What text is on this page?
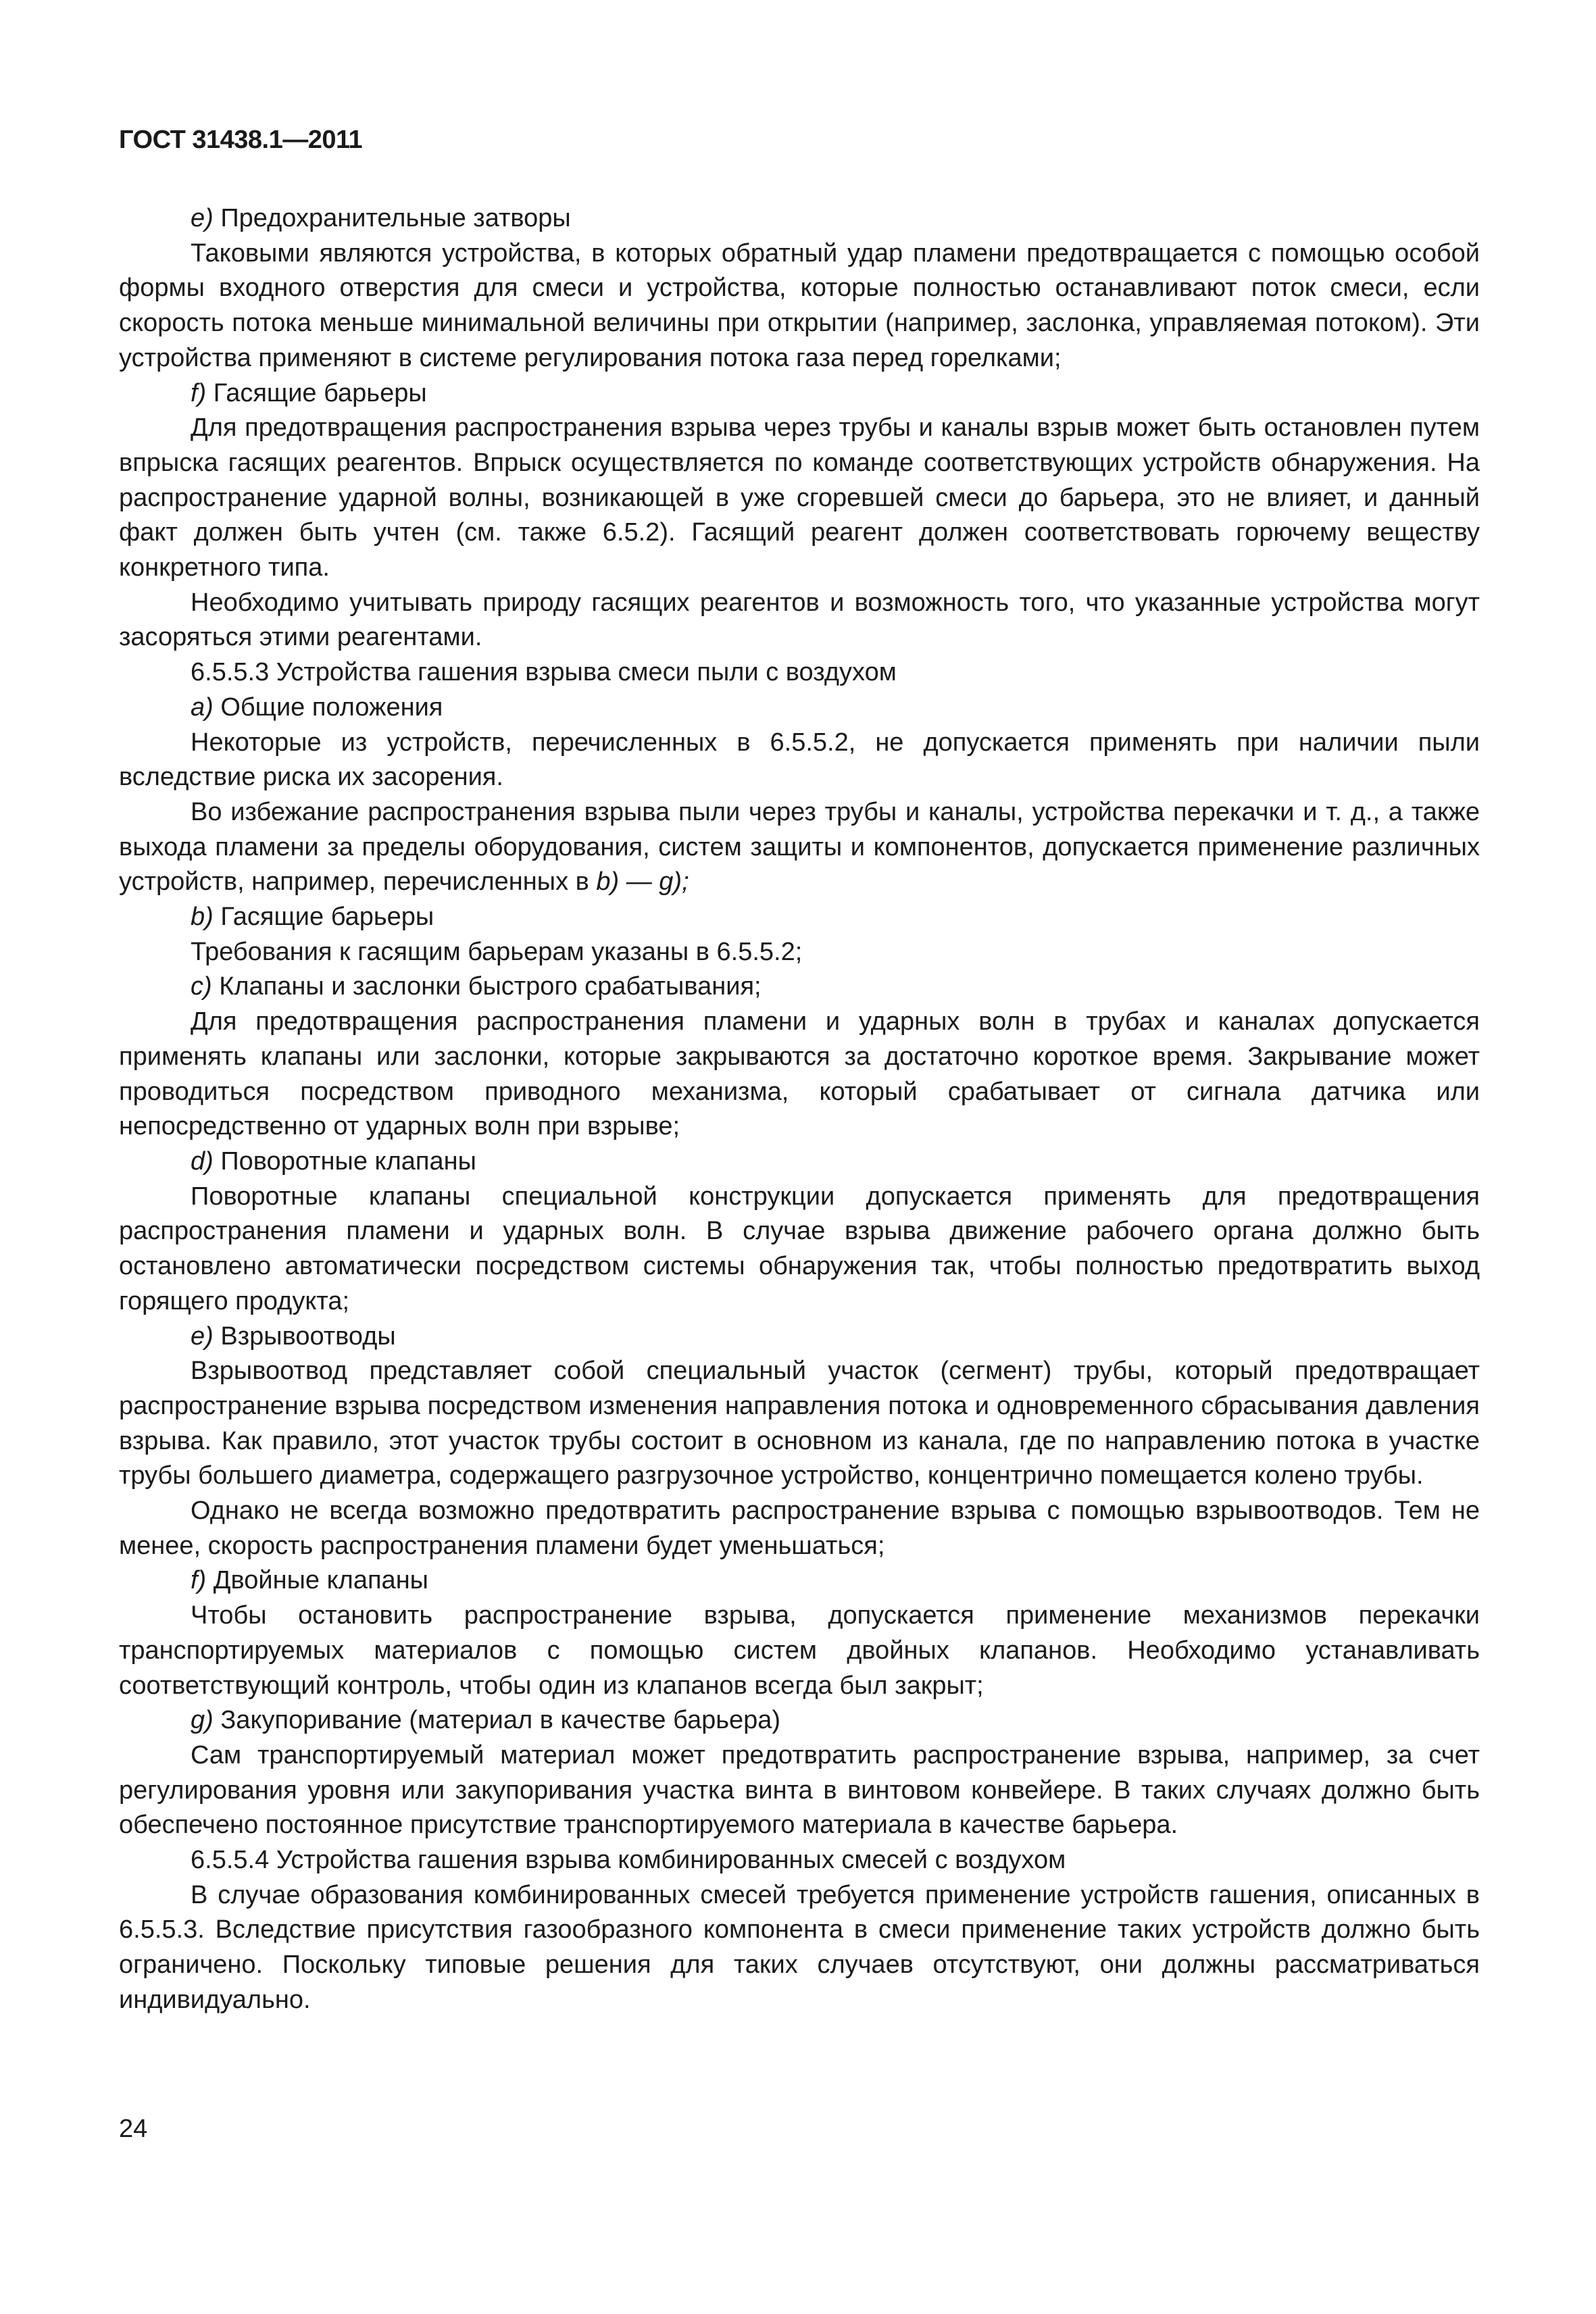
ГОСТ 31438.1—2011

е) Предохранительные затворы

Таковыми являются устройства, в которых обратный удар пламени предотвращается с помощью особой формы входного отверстия для смеси и устройства, которые полностью останавливают поток смеси, если скорость потока меньше минимальной величины при открытии (например, заслонка, управляемая потоком). Эти устройства применяют в системе регулирования потока газа перед горелками;

f) Гасящие барьеры

Для предотвращения распространения взрыва через трубы и каналы взрыв может быть остановлен путем впрыска гасящих реагентов. Впрыск осуществляется по команде соответствующих устройств обнаружения. На распространение ударной волны, возникающей в уже сгоревшей смеси до барьера, это не влияет, и данный факт должен быть учтен (см. также 6.5.2). Гасящий реагент должен соответствовать горючему веществу конкретного типа.

Необходимо учитывать природу гасящих реагентов и возможность того, что указанные устройства могут засоряться этими реагентами.

6.5.5.3 Устройства гашения взрыва смеси пыли с воздухом

а) Общие положения

Некоторые из устройств, перечисленных в 6.5.5.2, не допускается применять при наличии пыли вследствие риска их засорения.

Во избежание распространения взрыва пыли через трубы и каналы, устройства перекачки и т. д., а также выхода пламени за пределы оборудования, систем защиты и компонентов, допускается применение различных устройств, например, перечисленных в b) — g);

b) Гасящие барьеры

Требования к гасящим барьерам указаны в 6.5.5.2;

с) Клапаны и заслонки быстрого срабатывания;

Для предотвращения распространения пламени и ударных волн в трубах и каналах допускается применять клапаны или заслонки, которые закрываются за достаточно короткое время. Закрывание может проводиться посредством приводного механизма, который срабатывает от сигнала датчика или непосредственно от ударных волн при взрыве;

d) Поворотные клапаны

Поворотные клапаны специальной конструкции допускается применять для предотвращения распространения пламени и ударных волн. В случае взрыва движение рабочего органа должно быть остановлено автоматически посредством системы обнаружения так, чтобы полностью предотвратить выход горящего продукта;

е) Взрывоотводы

Взрывоотвод представляет собой специальный участок (сегмент) трубы, который предотвращает распространение взрыва посредством изменения направления потока и одновременного сбрасывания давления взрыва. Как правило, этот участок трубы состоит в основном из канала, где по направлению потока в участке трубы большего диаметра, содержащего разгрузочное устройство, концентрично помещается колено трубы.

Однако не всегда возможно предотвратить распространение взрыва с помощью взрывоотводов. Тем не менее, скорость распространения пламени будет уменьшаться;

f) Двойные клапаны

Чтобы остановить распространение взрыва, допускается применение механизмов перекачки транспортируемых материалов с помощью систем двойных клапанов. Необходимо устанавливать соответствующий контроль, чтобы один из клапанов всегда был закрыт;

g) Закупоривание (материал в качестве барьера)

Сам транспортируемый материал может предотвратить распространение взрыва, например, за счет регулирования уровня или закупоривания участка винта в винтовом конвейере. В таких случаях должно быть обеспечено постоянное присутствие транспортируемого материала в качестве барьера.

6.5.5.4 Устройства гашения взрыва комбинированных смесей с воздухом

В случае образования комбинированных смесей требуется применение устройств гашения, описанных в 6.5.5.3. Вследствие присутствия газообразного компонента в смеси применение таких устройств должно быть ограничено. Поскольку типовые решения для таких случаев отсутствуют, они должны рассматриваться индивидуально.

24
